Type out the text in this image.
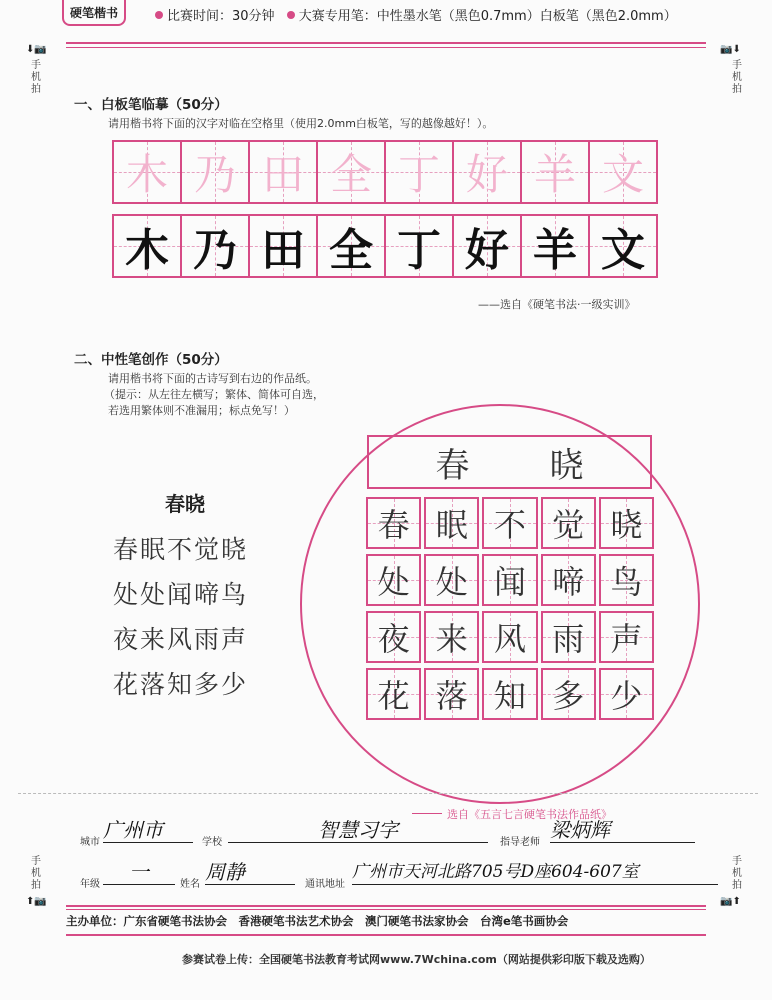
硬笔楷书	比赛时间：30分钟 大赛专用笔：中性墨水笔（黑色0.7mm）白板笔（黑色2.0mm）
⬇📷
手
机
拍
📷⬇
手
机
拍
一、白板笔临摹（50分）
请用楷书将下面的汉字对临在空格里（使用2.0mm白板笔，写的越像越好！）。
木 乃 田 全 丁 好 羊 文
木 乃 田 全 丁 好 羊 文
——选自《硬笔书法·一级实训》
二、中性笔创作（50分）
请用楷书将下面的古诗写到右边的作品纸。
（提示：从左往左横写；繁体、简体可自选，
若选用繁体则不准漏用；标点免写！）
春晓
春眠不觉晓
处处闻啼鸟
夜来风雨声
花落知多少
春 晓
春 眠 不 觉 晓
处 处 闻 啼 鸟
夜 来 风 雨 声
花 落 知 多 少
选自《五言七言硬笔书法作品纸》
城市
广州市
学校
智慧习字
指导老师
梁炳辉
年级
一
姓名
周静
通讯地址
广州市天河北路705号D座604-607室
手
机
拍
⬆📷
手
机
拍
📷⬆
主办单位：广东省硬笔书法协会　香港硬笔书法艺术协会　澳门硬笔书法家协会　台湾e笔书画协会
参赛试卷上传：全国硬笔书法教育考试网www.7Wchina.com（网站提供彩印版下载及选购）
